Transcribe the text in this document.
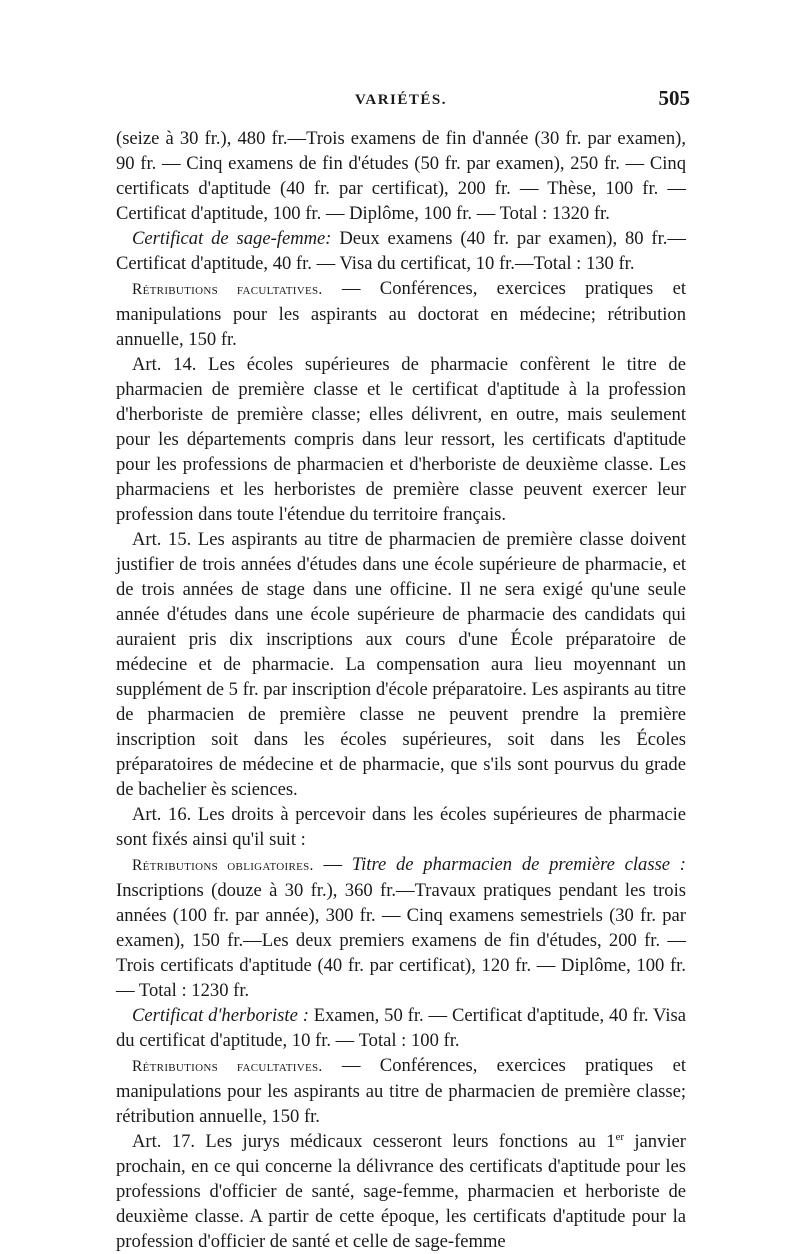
VARIÉTÉS.	505

(seize à 30 fr.), 480 fr.—Trois examens de fin d'année (30 fr. par examen), 90 fr. — Cinq examens de fin d'études (50 fr. par examen), 250 fr. — Cinq certificats d'aptitude (40 fr. par certificat), 200 fr. — Thèse, 100 fr. — Certificat d'aptitude, 100 fr. — Diplôme, 100 fr. — Total : 1320 fr.

Certificat de sage-femme: Deux examens (40 fr. par examen), 80 fr.— Certificat d'aptitude, 40 fr. — Visa du certificat, 10 fr.—Total : 130 fr.

Rétributions facultatives. — Conférences, exercices pratiques et manipulations pour les aspirants au doctorat en médecine; rétribution annuelle, 150 fr.

Art. 14. Les écoles supérieures de pharmacie confèrent le titre de pharmacien de première classe et le certificat d'aptitude à la profession d'herboriste de première classe; elles délivrent, en outre, mais seulement pour les départements compris dans leur ressort, les certificats d'aptitude pour les professions de pharmacien et d'herboriste de deuxième classe. Les pharmaciens et les herboristes de première classe peuvent exercer leur profession dans toute l'étendue du territoire français.

Art. 15. Les aspirants au titre de pharmacien de première classe doivent justifier de trois années d'études dans une école supérieure de pharmacie, et de trois années de stage dans une officine. Il ne sera exigé qu'une seule année d'études dans une école supérieure de pharmacie des candidats qui auraient pris dix inscriptions aux cours d'une École préparatoire de médecine et de pharmacie. La compensation aura lieu moyennant un supplément de 5 fr. par inscription d'école préparatoire. Les aspirants au titre de pharmacien de première classe ne peuvent prendre la première inscription soit dans les écoles supérieures, soit dans les Écoles préparatoires de médecine et de pharmacie, que s'ils sont pourvus du grade de bachelier ès sciences.

Art. 16. Les droits à percevoir dans les écoles supérieures de pharmacie sont fixés ainsi qu'il suit :

Rétributions obligatoires. — Titre de pharmacien de première classe : Inscriptions (douze à 30 fr.), 360 fr.—Travaux pratiques pendant les trois années (100 fr. par année), 300 fr. — Cinq examens semestriels (30 fr. par examen), 150 fr.—Les deux premiers examens de fin d'études, 200 fr. — Trois certificats d'aptitude (40 fr. par certificat), 120 fr. — Diplôme, 100 fr. — Total : 1230 fr.

Certificat d'herboriste : Examen, 50 fr. — Certificat d'aptitude, 40 fr. Visa du certificat d'aptitude, 10 fr. — Total : 100 fr.

Rétributions facultatives. — Conférences, exercices pratiques et manipulations pour les aspirants au titre de pharmacien de première classe; rétribution annuelle, 150 fr.

Art. 17. Les jurys médicaux cesseront leurs fonctions au 1er janvier prochain, en ce qui concerne la délivrance des certificats d'aptitude pour les professions d'officier de santé, sage-femme, pharmacien et herboriste de deuxième classe. A partir de cette époque, les certificats d'aptitude pour la profession d'officier de santé et celle de sage-femme
